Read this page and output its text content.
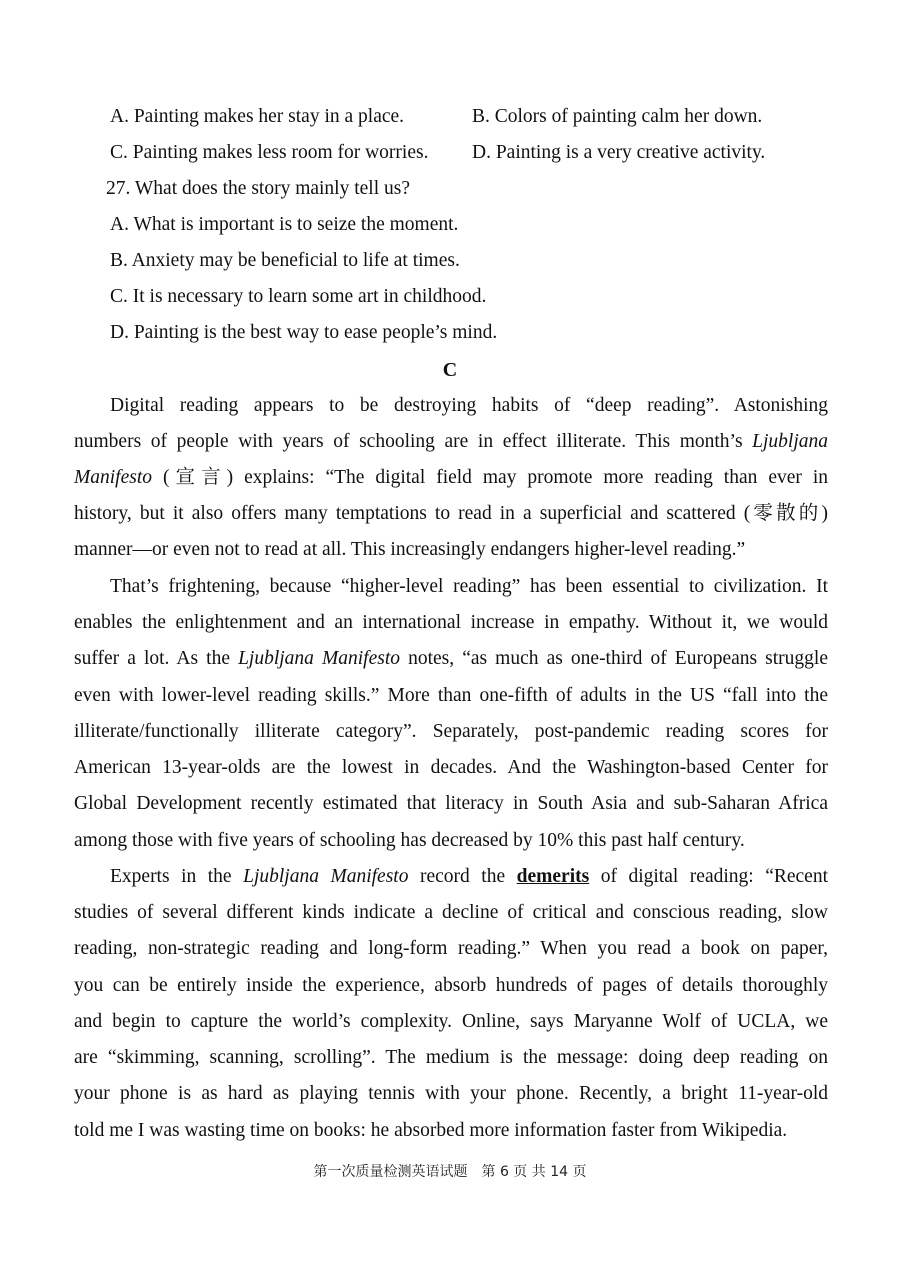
A. Painting makes her stay in a place.	B. Colors of painting calm her down.
C. Painting makes less room for worries.	D. Painting is a very creative activity.
27. What does the story mainly tell us?
A. What is important is to seize the moment.
B. Anxiety may be beneficial to life at times.
C. It is necessary to learn some art in childhood.
D. Painting is the best way to ease people’s mind.
C
Digital reading appears to be destroying habits of “deep reading”. Astonishing
numbers of people with years of schooling are in effect illiterate. This month’s Ljubljana
Manifesto (宣言) explains: “The digital field may promote more reading than ever in
history, but it also offers many temptations to read in a superficial and scattered (零散的)
manner—or even not to read at all. This increasingly endangers higher-level reading.”
That’s frightening, because “higher-level reading” has been essential to civilization. It
enables the enlightenment and an international increase in empathy. Without it, we would
suffer a lot. As the Ljubljana Manifesto notes, “as much as one-third of Europeans struggle
even with lower-level reading skills.” More than one-fifth of adults in the US “fall into the
illiterate/functionally illiterate category”. Separately, post-pandemic reading scores for
American 13-year-olds are the lowest in decades. And the Washington-based Center for
Global Development recently estimated that literacy in South Asia and sub-Saharan Africa
among those with five years of schooling has decreased by 10% this past half century.
Experts in the Ljubljana Manifesto record the demerits of digital reading: “Recent
studies of several different kinds indicate a decline of critical and conscious reading, slow
reading, non-strategic reading and long-form reading.” When you read a book on paper,
you can be entirely inside the experience, absorb hundreds of pages of details thoroughly
and begin to capture the world’s complexity. Online, says Maryanne Wolf of UCLA, we
are “skimming, scanning, scrolling”. The medium is the message: doing deep reading on
your phone is as hard as playing tennis with your phone. Recently, a bright 11-year-old
told me I was wasting time on books: he absorbed more information faster from Wikipedia.
第一次质量检测英语试题　第 6 页 共 14 页
